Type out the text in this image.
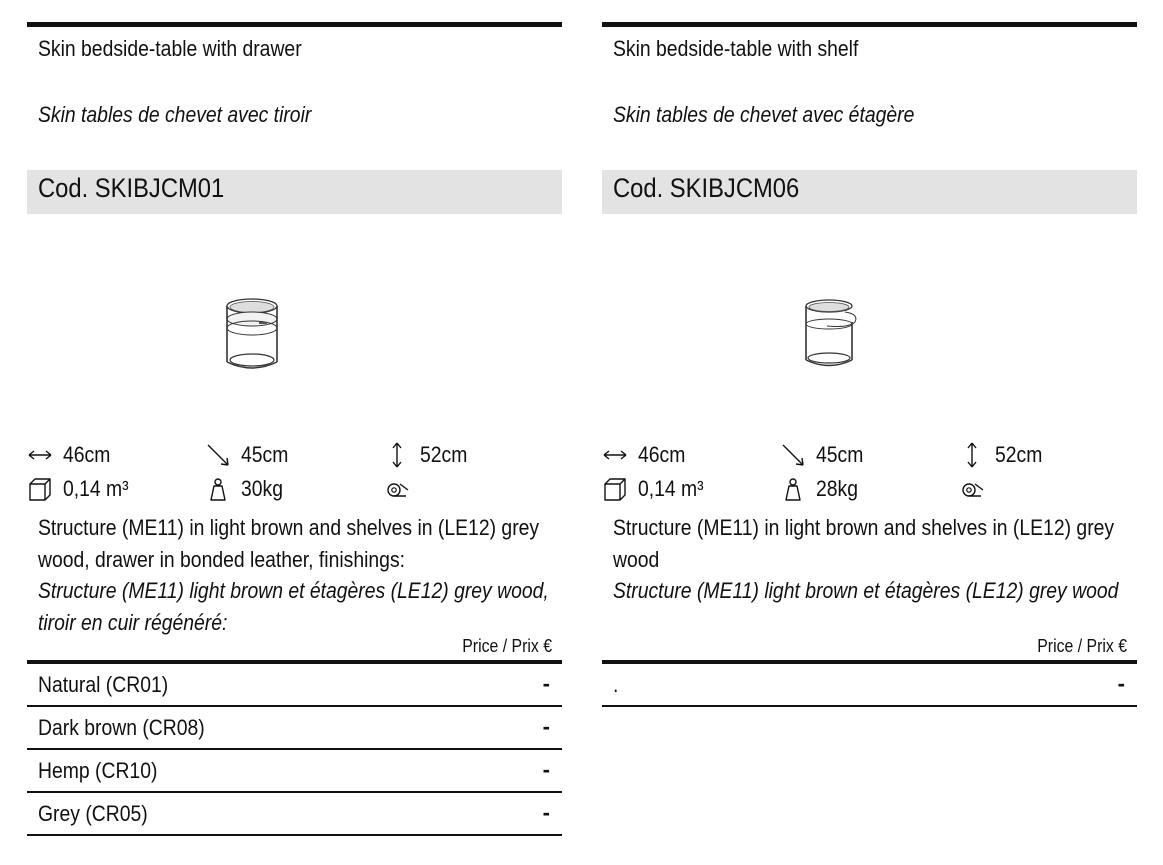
Skin bedside-table with drawer
Skin tables de chevet avec tiroir
Cod. SKIBJCM01
46cm	45cm	52cm
0,14 m³	30kg
Structure (ME11) in light brown and shelves in (LE12) grey wood, drawer in bonded leather, finishings:
Structure (ME11) light brown et étagères (LE12) grey wood, tiroir en cuir régénéré:
Price / Prix €
Natural (CR01)	-
Dark brown (CR08)	-
Hemp (CR10)	-
Grey (CR05)	-
Skin bedside-table with shelf
Skin tables de chevet avec étagère
Cod. SKIBJCM06
46cm	45cm	52cm
0,14 m³	28kg
Structure (ME11) in light brown and shelves in (LE12) grey wood
Structure (ME11) light brown et étagères (LE12) grey wood
Price / Prix €
.	-
